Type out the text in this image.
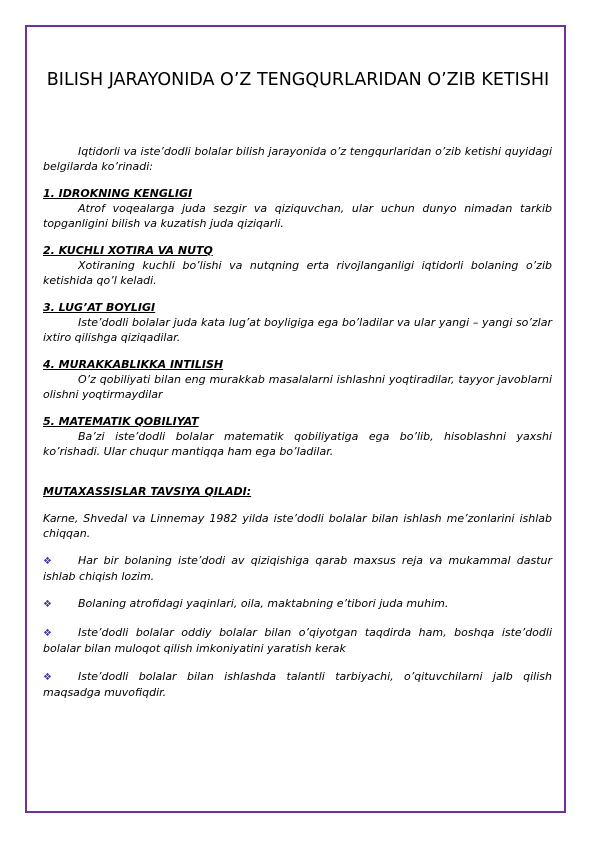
BILISH JARAYONIDA O’Z TENGQURLARIDAN O’ZIB KETISHI

Iqtidorli va iste’dodli bolalar bilish jarayonida o’z tengqurlaridan o’zib ketishi quyidagi belgilarda ko’rinadi:

1. IDROKNING KENGLIGI

Atrof voqealarga juda sezgir va qiziquvchan, ular uchun dunyo nimadan tarkib topganligini bilish va kuzatish juda qiziqarli.

2. KUCHLI XOTIRA VA NUTQ

Xotiraning kuchli bo’lishi va nutqning erta rivojlanganligi iqtidorli bolaning o’zib ketishida qo’l keladi.

3. LUG’AT BOYLIGI

Iste’dodli bolalar juda kata lug’at boyligiga ega bo’ladilar va ular yangi – yangi so’zlar ixtiro qilishga qiziqadilar.

4. MURAKKABLIKKA INTILISH

O’z qobiliyati bilan eng murakkab masalalarni ishlashni yoqtiradilar, tayyor javoblarni olishni yoqtirmaydilar

5. MATEMATIK QOBILIYAT

Ba’zi iste’dodli bolalar matematik qobiliyatiga ega bo’lib, hisoblashni yaxshi ko’rishadi. Ular chuqur mantiqqa ham ega bo’ladilar.

MUTAXASSISLAR TAVSIYA QILADI:

Karne, Shvedal va Linnemay 1982 yilda iste’dodli bolalar bilan ishlash me’zonlarini ishlab chiqqan.

❖ Har bir bolaning iste’dodi av qiziqishiga qarab maxsus reja va mukammal dastur ishlab chiqish lozim.

❖ Bolaning atrofidagi yaqinlari, oila, maktabning e’tibori juda muhim.

❖ Iste’dodli bolalar oddiy bolalar bilan o’qiyotgan taqdirda ham, boshqa iste’dodli bolalar bilan muloqot qilish imkoniyatini yaratish kerak

❖ Iste’dodli bolalar bilan ishlashda talantli tarbiyachi, o’qituvchilarni jalb qilish maqsadga muvofiqdir.
